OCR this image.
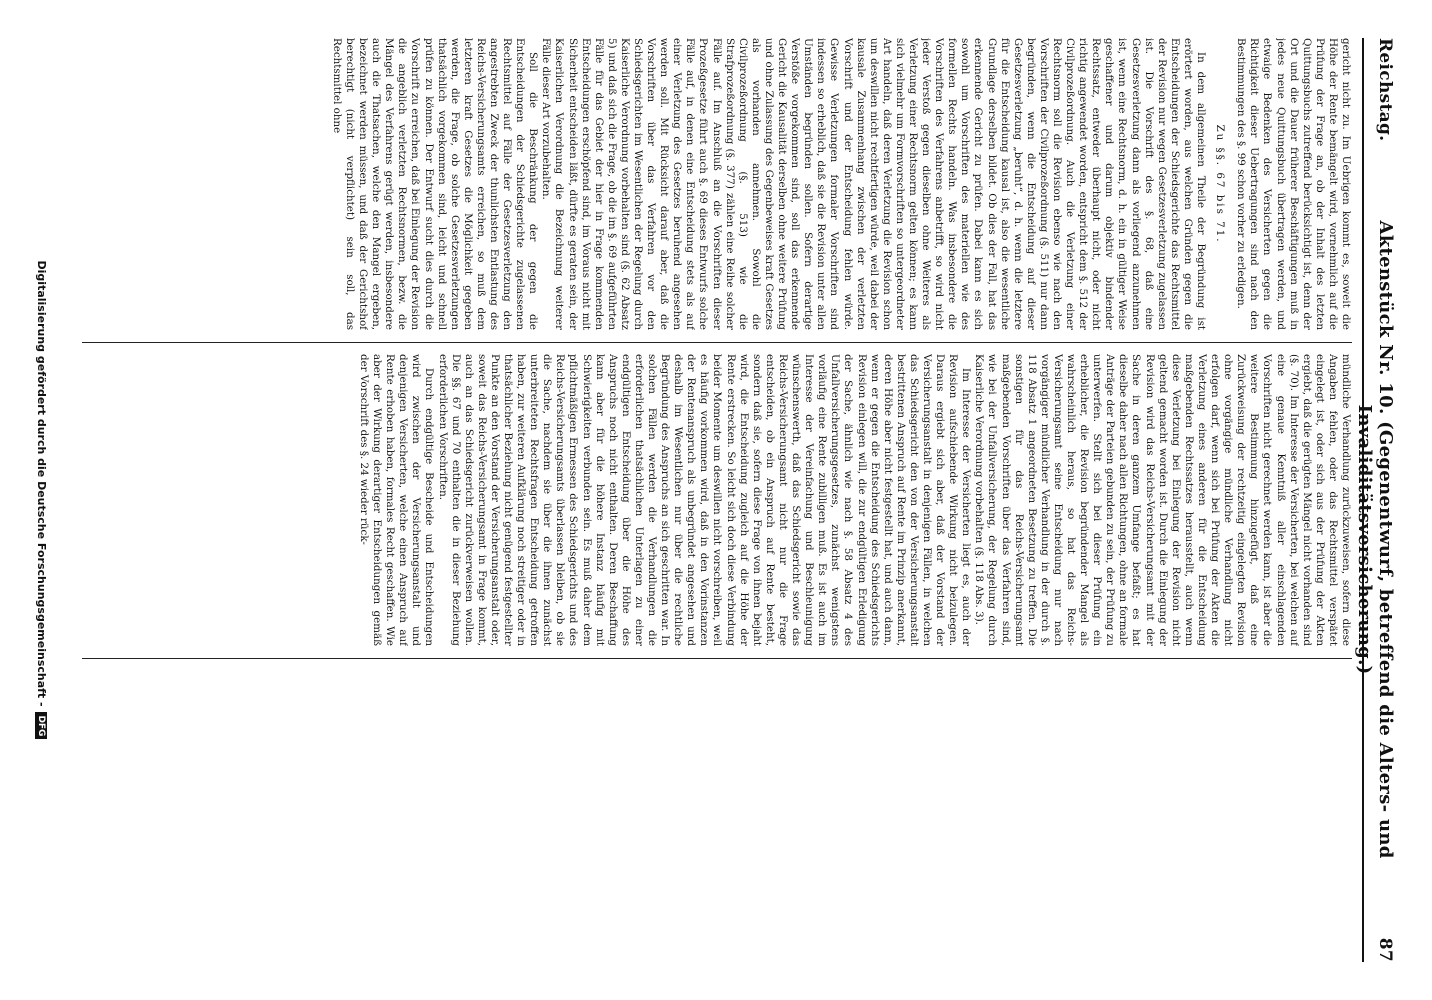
Reichstag.
Aktenstück Nr. 10. (Gegenentwurf, betreffend die Alters- und Invaliditätsversicherung.)
87

gericht nicht zu. Im Uebrigen kommt es, soweit die Höhe der Rente bemängelt wird, vornehmlich auf die Prüfung der Frage an, ob der Inhalt des letzten Quittungsbuchs zutreffend berücksichtigt ist, denn der Ort und die Dauer früherer Beschäftigungen muß in jedes neue Quittungsbuch übertragen werden, und etwaige Bedenken des Versicherten gegen die Richtigkeit dieser Uebertragungen sind nach den Bestimmungen des §. 99 schon vorher zu erledigen.

Zu §§. 67 bis 71.

In dem allgemeinen Theile der Begründung ist erörtert worden, aus welchen Gründen gegen die Entscheidungen der Schiedsgerichte das Rechtsmittel der Revision nur wegen Gesetzesverletzung zugelassen ist. Die Vorschrift des §. 68, daß eine Gesetzesverletzung dann als vorliegend anzunehmen ist, wenn eine Rechtsnorm, d. h. ein in gültiger Weise geschaffener und darum objektiv bindender Rechtssatz, entweder überhaupt nicht, oder nicht richtig angewendet worden, entspricht dem §. 512 der Civilprozeßordnung. Auch die Verletzung einer Rechtsnorm soll die Revision ebenso wie nach den Vorschriften der Civilprozeßordnung (§. 511) nur dann begründen, wenn die Entscheidung auf dieser Gesetzesverletzung „beruht“, d. h. wenn die letztere für die Entscheidung kausal ist, also die wesentliche Grundlage derselben bildet. Ob dies der Fall, hat das erkennende Gericht zu prüfen. Dabei kann es sich sowohl um Vorschriften des materiellen wie des formellen Rechts handeln. Was insbesondere die Vorschriften des Verfahrens anbetrifft, so wird nicht jeder Verstoß gegen dieselben ohne Weiteres als Verletzung einer Rechtsnorm gelten können; es kann sich vielmehr um Formvorschriften so untergeordneter Art handeln, daß deren Verletzung die Revision schon um deswillen nicht rechtfertigen würde, weil dabei der kausale Zusammenhang zwischen der verletzten Vorschrift und der Entscheidung fehlen würde. Gewisse Verletzungen formaler Vorschriften sind indessen so erheblich, daß sie die Revision unter allen Umständen begründen sollen. Sofern derartige Verstöße vorgekommen sind, soll das erkennende Gericht die Kausalität derselben ohne weitere Prüfung und ohne Zulassung des Gegenbeweises kraft Gesetzes als vorhanden annehmen. Sowohl die Civilprozeßordnung (§. 513) wie die Strafprozeßordnung (§. 377) zählen eine Reihe solcher Fälle auf. Im Anschluß an die Vorschriften dieser Prozeßgesetze führt auch §. 69 dieses Entwurfs solche Fälle auf, in denen eine Entscheidung stets als auf einer Verletzung des Gesetzes beruhend angesehen werden soll. Mit Rücksicht darauf aber, daß die Vorschriften über das Verfahren vor den Schiedsgerichten im Wesentlichen der Regelung durch Kaiserliche Verordnung vorbehalten sind (§. 62 Absatz 5) und daß sich die Frage, ob die im §. 69 aufgeführten Fälle für das Gebiet der hier in Frage kommenden Entscheidungen erschöpfend sind, im Voraus nicht mit Sicherheit entscheiden läßt, dürfte es geraten sein, der Kaiserlichen Verordnung die Bezeichnung weiterer Fälle dieser Art vorzubehalten.

Soll die Beschränkung der gegen die Entscheidungen der Schiedsgerichte zugelassenen Rechtsmittel auf Fälle der Gesetzesverletzung den angestrebten Zweck der thunlichsten Entlastung des Reichs-Versicherungsamts erreichen, so muß dem letzteren kraft Gesetzes die Möglichkeit gegeben werden, die Frage, ob solche Gesetzesverletzungen thatsächlich vorgekommen sind, leicht und schnell prüfen zu können. Der Entwurf sucht dies durch die Vorschrift zu erreichen, daß bei Einlegung der Revision die angeblich verletzten Rechtsnormen, bezw. die Mängel des Verfahrens gerügt werden, insbesondere auch die Thatsachen, welche den Mangel ergeben, bezeichnet werden müssen, und daß der Gerichtshof berechtigt (nicht verpflichtet) sein soll, das Rechtsmittel ohne

mündliche Verhandlung zurückzuweisen, sofern diese Angaben fehlen, oder das Rechtsmittel verspätet eingelegt ist, oder sich aus der Prüfung der Akten ergiebt, daß die gerügten Mängel nicht vorhanden sind (§. 70). Im Interesse der Versicherten, bei welchen auf eine genaue Kenntniß aller einschlagenden Vorschriften nicht gerechnet werden kann, ist aber die weitere Bestimmung hinzugefügt, daß eine Zurückweisung der rechtzeitig eingelegten Revision ohne vorgängige mündliche Verhandlung nicht erfolgen darf, wenn sich bei Prüfung der Akten die Verletzung eines anderen für die Entscheidung maßgebenden Rechtssatzes herausstellt, auch wenn diese Verletzung bei Einlegung der Revision nicht geltend gemacht worden ist. Durch die Einlegung der Revision wird das Reichs-Versicherungsamt mit der Sache in deren ganzem Umfange befaßt; es hat dieselbe daher nach allen Richtungen, ohne an formale Anträge der Parteien gebunden zu sein, der Prüfung zu unterwerfen. Stellt sich bei dieser Prüfung ein erheblicher, die Revision begründender Mangel als wahrscheinlich heraus, so hat das Reichs-Versicherungsamt seine Entscheidung nur nach vorgängiger mündlicher Verhandlung in der durch §. 118 Absatz 1 angeordneten Besetzung zu treffen. Die sonstigen für das Reichs-Versicherungsamt maßgebenden Vorschriften über das Verfahren sind, wie bei der Unfallversicherung, der Regelung durch Kaiserliche Verordnung vorbehalten (§. 118 Abs. 3).

Im Interesse der Versicherten liegt es, auch der Revision aufschiebende Wirkung nicht beizulegen. Daraus ergiebt sich aber, daß der Vorstand der Versicherungsanstalt in denjenigen Fällen, in welchen das Schiedsgericht den von der Versicherungsanstalt bestrittenen Anspruch auf Rente im Prinzip anerkannt, deren Höhe aber nicht festgestellt hat, und auch dann, wenn er gegen die Entscheidung des Schiedsgerichts Revision einlegen will, die zur endgültigen Erledigung der Sache, ähnlich wie nach §. 58 Absatz 4 des Unfallversicherungsgesetzes, zunächst wenigstens vorläufig eine Rente zubilligen muß. Es ist auch im Interesse der Vereinfachung und Beschleunigung wünschenswerth, daß das Schiedsgericht sowie das Reichs-Versicherungsamt nicht nur die Frage entscheiden, ob ein Anspruch auf Rente besteht, sondern daß sie, sofern diese Frage von ihnen bejaht wird, die Entscheidung zugleich auf die Höhe der Rente erstrecken. So leicht sich doch diese Verbindung beider Momente um deswillen nicht vorschreiben, weil es häufig vorkommen wird, daß in den Vorinstanzen der Rentenanspruch als unbegründet angesehen und deshalb im Wesentlichen nur über die rechtliche Begründung des Anspruchs an sich geschritten war. In solchen Fällen werden die Verhandlungen die erforderlichen thatsächlichen Unterlagen zu einer endgültigen Entscheidung über die Höhe des Anspruchs noch nicht enthalten. Deren Beschaffung kann aber für die höhere Instanz häufig mit Schwierigkeiten verbunden sein. Es muß daher dem pflichtmäßigen Ermessen des Schiedsgerichts und des Reichs-Versicherungsamts überlassen bleiben, ob sie die Sache, nachdem sie über die ihnen zunächst unterbreiteten Rechtsfragen Entscheidung getroffen haben, zur weiteren Aufklärung noch streitiger oder in thatsächlicher Beziehung nicht genügend festgestellter Punkte an den Vorstand der Versicherungsanstalt oder, soweit das Reichs-Versicherungsamt in Frage kommt, auch an das Schiedsgericht zurückverweisen wollen. Die §§. 67 und 70 enthalten die in dieser Beziehung erforderlichen Vorschriften.

Durch endgültige Bescheide und Entscheidungen wird zwischen der Versicherungsanstalt und denjenigen Versicherten, welche einen Anspruch auf Rente erhoben haben, formales Recht geschaffen. Wie aber der Wirkung derartiger Entscheidungen gemäß der Vorschrift des §. 24 wieder rück-

Digitalisierung gefördert durch die Deutsche Forschungsgemeinschaft - DFG
